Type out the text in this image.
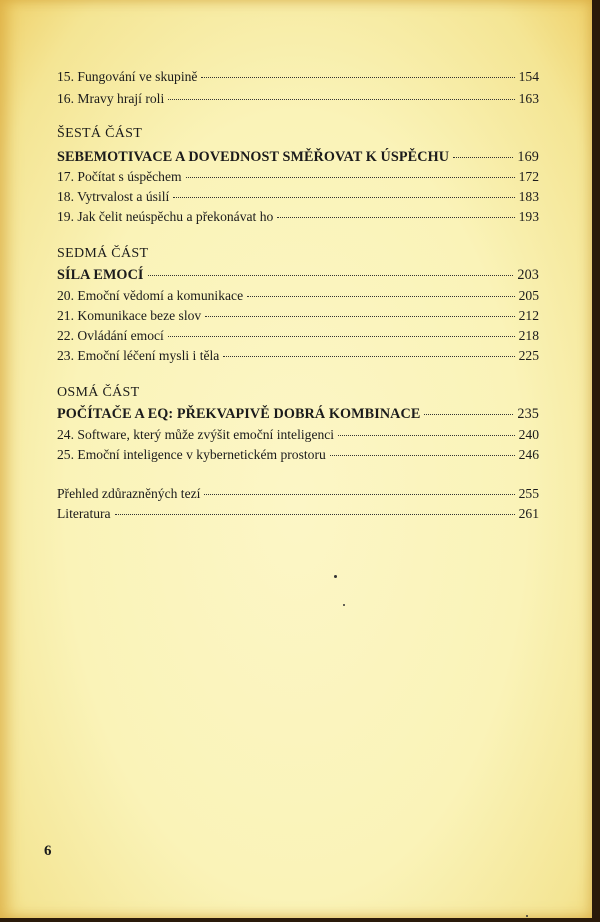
15. Fungování ve skupině	154
16. Mravy hrají roli	163
ŠESTÁ ČÁST
SEBEMOTIVACE A DOVEDNOST SMĚŘOVAT K ÚSPĚCHU	169
17. Počítat s úspěchem	172
18. Vytrvalost a úsilí	183
19. Jak čelit neúspěchu a překonávat ho	193
SEDMÁ ČÁST
SÍLA EMOCÍ	203
20. Emoční vědomí a komunikace	205
21. Komunikace beze slov	212
22. Ovládání emocí	218
23. Emoční léčení mysli i těla	225
OSMÁ ČÁST
POČÍTAČE A EQ: PŘEKVAPIVĚ DOBRÁ KOMBINACE	235
24. Software, který může zvýšit emoční inteligenci	240
25. Emoční inteligence v kybernetickém prostoru	246
Přehled zdůrazněných tezí	255
Literatura	261
6
